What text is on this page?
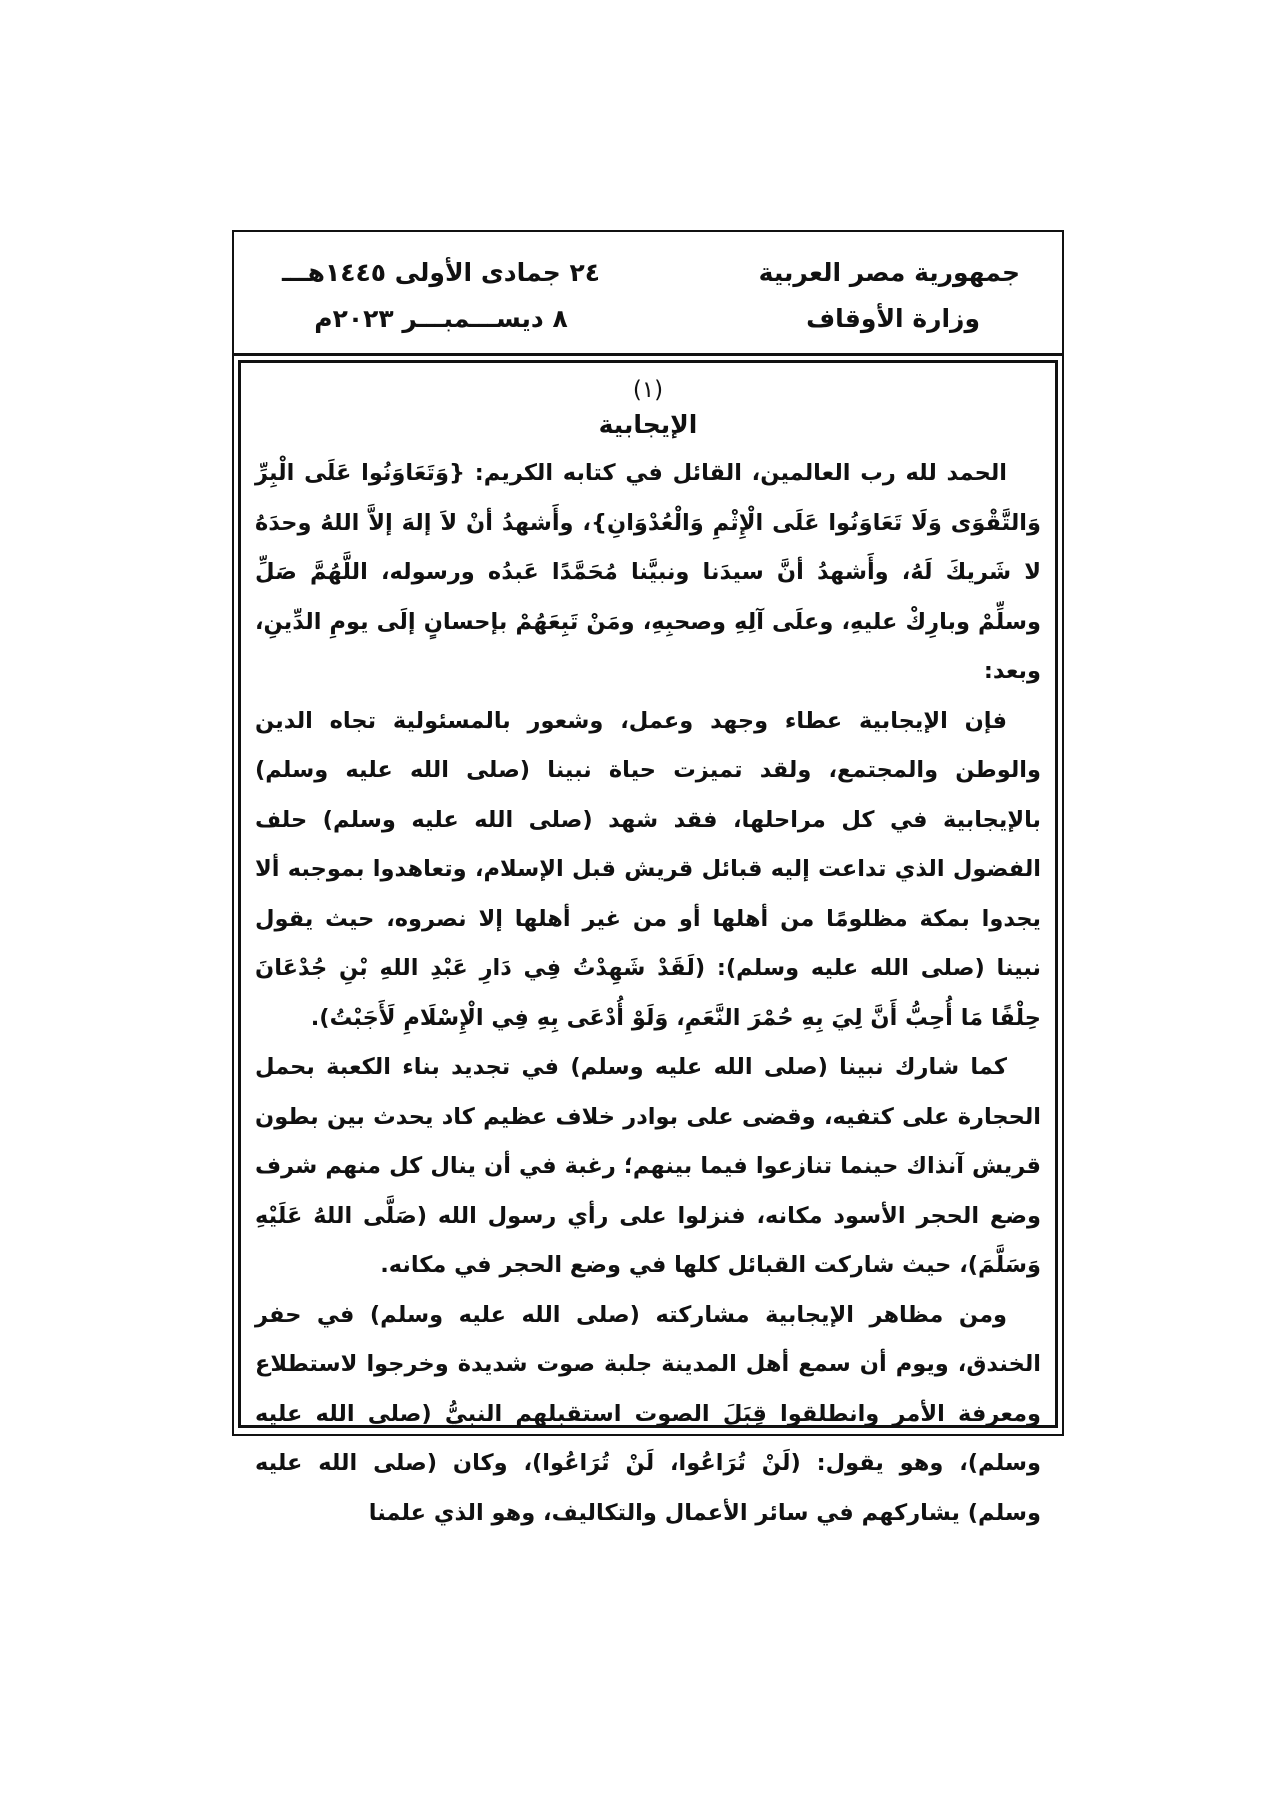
جمهورية مصر العربية
وزارة الأوقاف
٢٤ جمادى الأولى ١٤٤٥هـــ
٨ ديســـمبـــر ٢٠٢٣م
(١)
الإيجابية

الحمد لله رب العالمين، القائل في كتابه الكريم: {وَتَعَاوَنُوا عَلَى الْبِرِّ وَالتَّقْوَى وَلَا تَعَاوَنُوا عَلَى الْإِثْمِ وَالْعُدْوَانِ}، وأَشهدُ أنْ لاَ إلهَ إلاَّ اللهُ وحدَهُ لا شَريكَ لَهُ، وأَشهدُ أنَّ سيدَنا ونبيَّنا مُحَمَّدًا عَبدُه ورسوله، اللَّهُمَّ صَلِّ وسلِّمْ وبارِكْ عليهِ، وعلَى آلِهِ وصحبِهِ، ومَنْ تَبِعَهُمْ بإحسانٍ إلَى يومِ الدِّينِ، وبعد:

فإن الإيجابية عطاء وجهد وعمل، وشعور بالمسئولية تجاه الدين والوطن والمجتمع، ولقد تميزت حياة نبينا (صلى الله عليه وسلم) بالإيجابية في كل مراحلها، فقد شهد (صلى الله عليه وسلم) حلف الفضول الذي تداعت إليه قبائل قريش قبل الإسلام، وتعاهدوا بموجبه ألا يجدوا بمكة مظلومًا من أهلها أو من غير أهلها إلا نصروه، حيث يقول نبينا (صلى الله عليه وسلم): (لَقَدْ شَهِدْتُ فِي دَارِ عَبْدِ اللهِ بْنِ جُدْعَانَ حِلْفًا مَا أُحِبُّ أَنَّ لِيَ بِهِ حُمْرَ النَّعَمِ، وَلَوْ أُدْعَى بِهِ فِي الْإِسْلَامِ لَأَجَبْتُ).

كما شارك نبينا (صلى الله عليه وسلم) في تجديد بناء الكعبة بحمل الحجارة على كتفيه، وقضى على بوادر خلاف عظيم كاد يحدث بين بطون قريش آنذاك حينما تنازعوا فيما بينهم؛ رغبة في أن ينال كل منهم شرف وضع الحجر الأسود مكانه، فنزلوا على رأي رسول الله (صَلَّى اللهُ عَلَيْهِ وَسَلَّمَ)، حيث شاركت القبائل كلها في وضع الحجر في مكانه.

ومن مظاهر الإيجابية مشاركته (صلى الله عليه وسلم) في حفر الخندق، ويوم أن سمع أهل المدينة جلبة صوت شديدة وخرجوا لاستطلاع ومعرفة الأمر وانطلقوا قِبَلَ الصوت استقبلهم النبيُّ (صلى الله عليه وسلم)، وهو يقول: (لَنْ تُرَاعُوا، لَنْ تُرَاعُوا)، وكان (صلى الله عليه وسلم) يشاركهم في سائر الأعمال والتكاليف، وهو الذي علمنا
